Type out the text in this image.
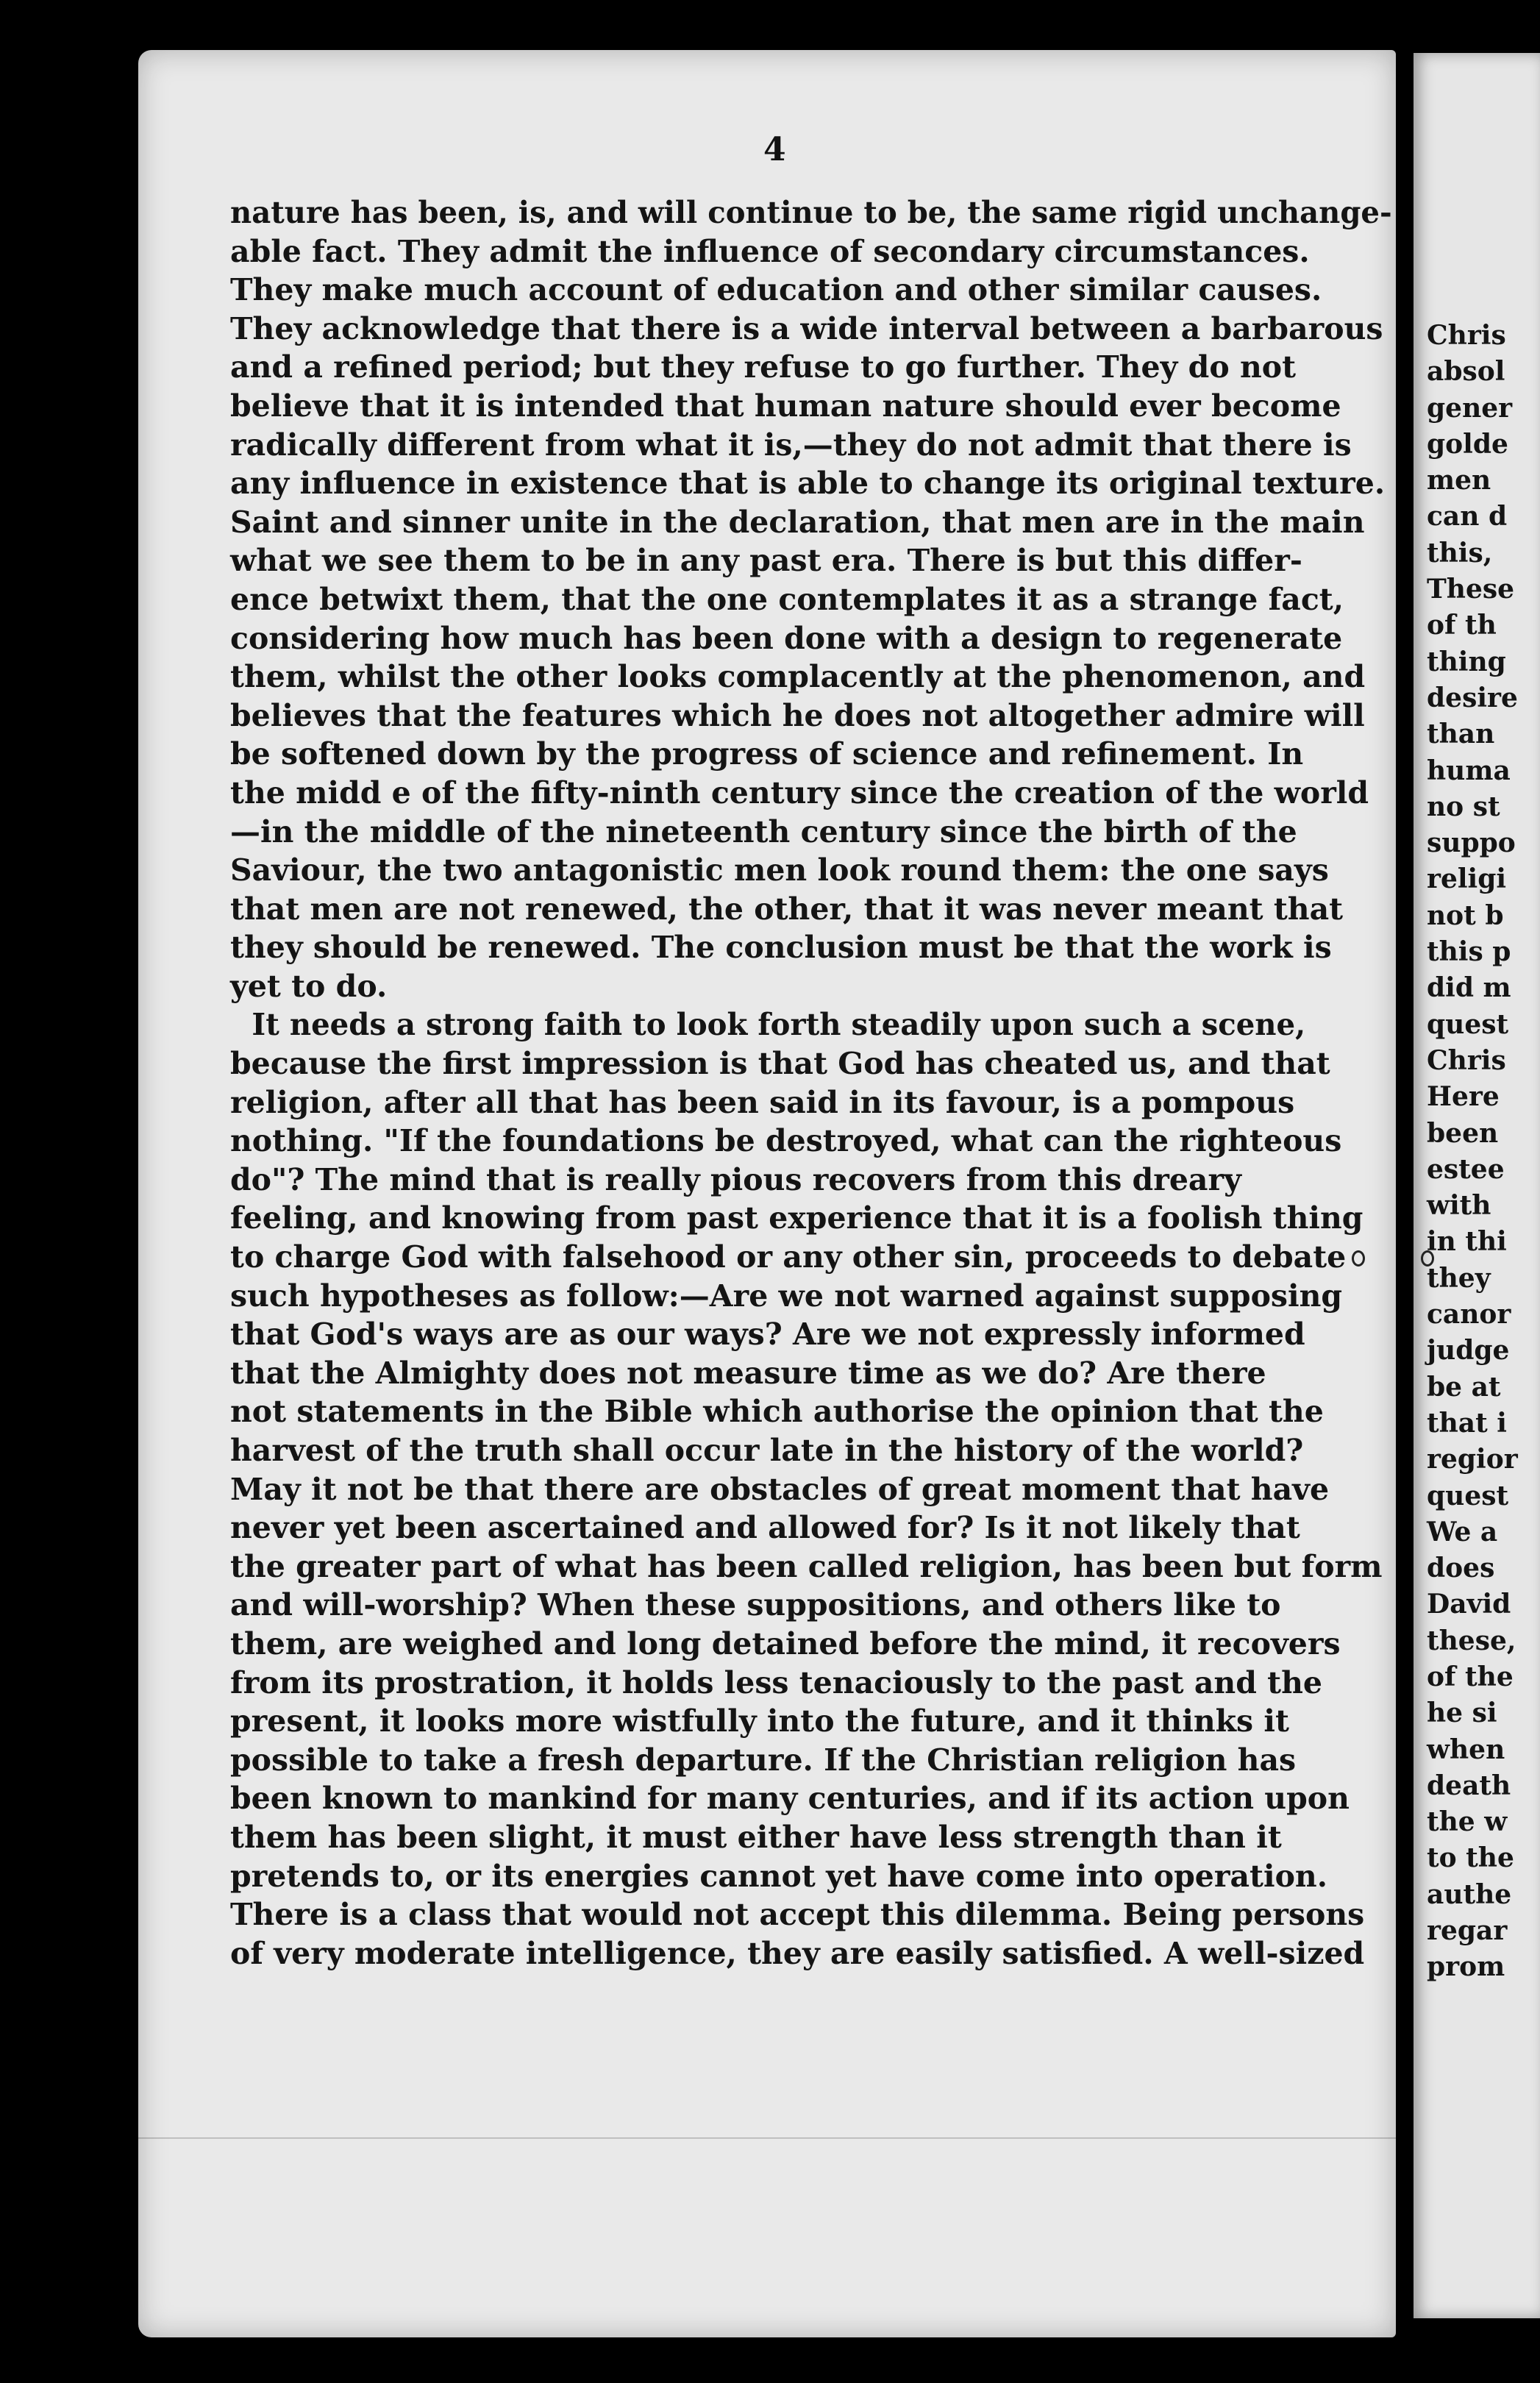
4
nature has been, is, and will continue to be, the same rigid unchange-
able fact. They admit the influence of secondary circumstances.
They make much account of education and other similar causes.
They acknowledge that there is a wide interval between a barbarous
and a refined period; but they refuse to go further. They do not
believe that it is intended that human nature should ever become
radically different from what it is,—they do not admit that there is
any influence in existence that is able to change its original texture.
Saint and sinner unite in the declaration, that men are in the main
what we see them to be in any past era. There is but this differ-
ence betwixt them, that the one contemplates it as a strange fact,
considering how much has been done with a design to regenerate
them, whilst the other looks complacently at the phenomenon, and
believes that the features which he does not altogether admire will
be softened down by the progress of science and refinement. In
the midd e of the fifty-ninth century since the creation of the world
—in the middle of the nineteenth century since the birth of the
Saviour, the two antagonistic men look round them: the one says
that men are not renewed, the other, that it was never meant that
they should be renewed. The conclusion must be that the work is
yet to do.
It needs a strong faith to look forth steadily upon such a scene,
because the first impression is that God has cheated us, and that
religion, after all that has been said in its favour, is a pompous
nothing. "If the foundations be destroyed, what can the righteous
do"? The mind that is really pious recovers from this dreary
feeling, and knowing from past experience that it is a foolish thing
to charge God with falsehood or any other sin, proceeds to debate
such hypotheses as follow:—Are we not warned against supposing
that God's ways are as our ways? Are we not expressly informed
that the Almighty does not measure time as we do? Are there
not statements in the Bible which authorise the opinion that the
harvest of the truth shall occur late in the history of the world?
May it not be that there are obstacles of great moment that have
never yet been ascertained and allowed for? Is it not likely that
the greater part of what has been called religion, has been but form
and will-worship? When these suppositions, and others like to
them, are weighed and long detained before the mind, it recovers
from its prostration, it holds less tenaciously to the past and the
present, it looks more wistfully into the future, and it thinks it
possible to take a fresh departure. If the Christian religion has
been known to mankind for many centuries, and if its action upon
them has been slight, it must either have less strength than it
pretends to, or its energies cannot yet have come into operation.
There is a class that would not accept this dilemma. Being persons
of very moderate intelligence, they are easily satisfied. A well-sized
Chris
absol
gener
golde
men
can d
this,
These
of th
thing
desire
than
huma
no st
suppo
religi
not b
this p
did m
quest
Chris
Here
been
estee
with
in thi
they
canor
judge
be at
that i
regior
quest
We a
does
David
these,
of the
he si
when
death
the w
to the
authe
regar
prom
